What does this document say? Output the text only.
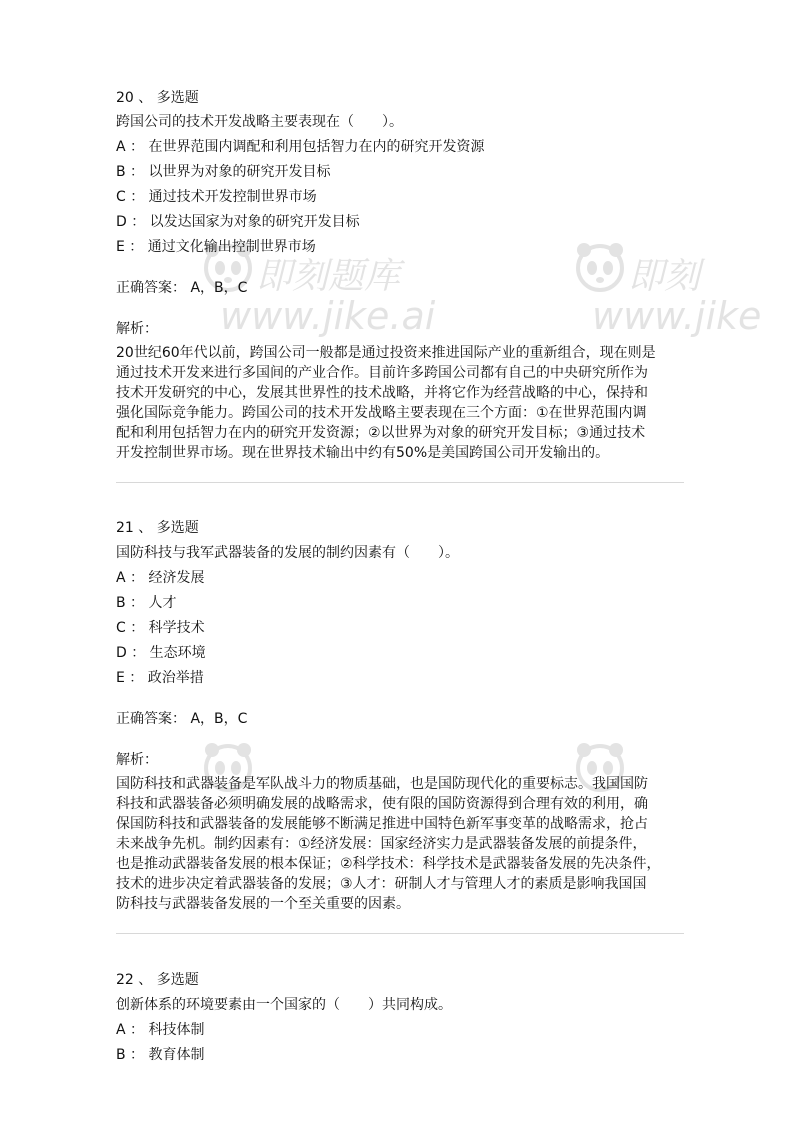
即刻题库
www.jike.ai
即刻
www.jike
20 、 多选题
跨国公司的技术开发战略主要表现在（　　）。
A ： 在世界范围内调配和利用包括智力在内的研究开发资源
B ： 以世界为对象的研究开发目标
C ： 通过技术开发控制世界市场
D ： 以发达国家为对象的研究开发目标
E ： 通过文化输出控制世界市场
正确答案： A，B，C
解析：
20世纪60年代以前，跨国公司一般都是通过投资来推进国际产业的重新组合，现在则是
通过技术开发来进行多国间的产业合作。目前许多跨国公司都有自己的中央研究所作为
技术开发研究的中心，发展其世界性的技术战略，并将它作为经营战略的中心，保持和
强化国际竞争能力。跨国公司的技术开发战略主要表现在三个方面：①在世界范围内调
配和利用包括智力在内的研究开发资源；②以世界为对象的研究开发目标；③通过技术
开发控制世界市场。现在世界技术输出中约有50%是美国跨国公司开发输出的。
21 、 多选题
国防科技与我军武器装备的发展的制约因素有（　　）。
A ： 经济发展
B ： 人才
C ： 科学技术
D ： 生态环境
E ： 政治举措
正确答案： A，B，C
解析：
国防科技和武器装备是军队战斗力的物质基础，也是国防现代化的重要标志。我国国防
科技和武器装备必须明确发展的战略需求，使有限的国防资源得到合理有效的利用，确
保国防科技和武器装备的发展能够不断满足推进中国特色新军事变革的战略需求，抢占
未来战争先机。制约因素有：①经济发展：国家经济实力是武器装备发展的前提条件，
也是推动武器装备发展的根本保证；②科学技术：科学技术是武器装备发展的先决条件，
技术的进步决定着武器装备的发展；③人才：研制人才与管理人才的素质是影响我国国
防科技与武器装备发展的一个至关重要的因素。
22 、 多选题
创新体系的环境要素由一个国家的（　　）共同构成。
A ： 科技体制
B ： 教育体制
